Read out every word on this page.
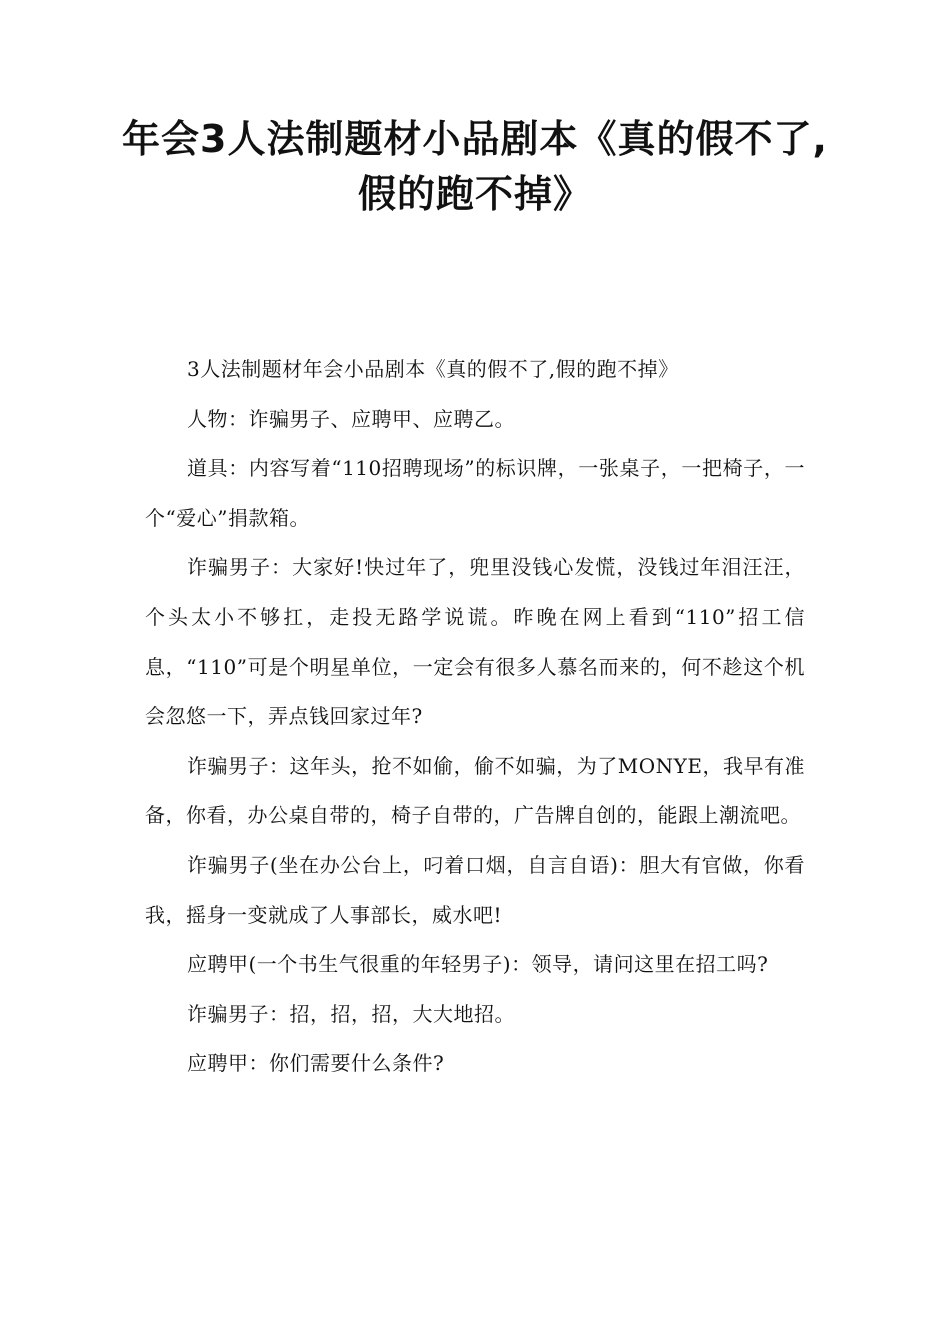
年会3人法制题材小品剧本《真的假不了,假的跑不掉》

3人法制题材年会小品剧本《真的假不了,假的跑不掉》

人物：诈骗男子、应聘甲、应聘乙。

道具：内容写着“110招聘现场”的标识牌，一张桌子，一把椅子，一个“爱心”捐款箱。

诈骗男子：大家好!快过年了，兜里没钱心发慌，没钱过年泪汪汪，个头太小不够扛，走投无路学说谎。昨晚在网上看到“110”招工信息，“110”可是个明星单位，一定会有很多人慕名而来的，何不趁这个机会忽悠一下，弄点钱回家过年?

诈骗男子：这年头，抢不如偷，偷不如骗，为了MONYE，我早有准备，你看，办公桌自带的，椅子自带的，广告牌自创的，能跟上潮流吧。

诈骗男子(坐在办公台上，叼着口烟，自言自语)：胆大有官做，你看我，摇身一变就成了人事部长，威水吧!

应聘甲(一个书生气很重的年轻男子)：领导，请问这里在招工吗?

诈骗男子：招，招，招，大大地招。

应聘甲：你们需要什么条件?
